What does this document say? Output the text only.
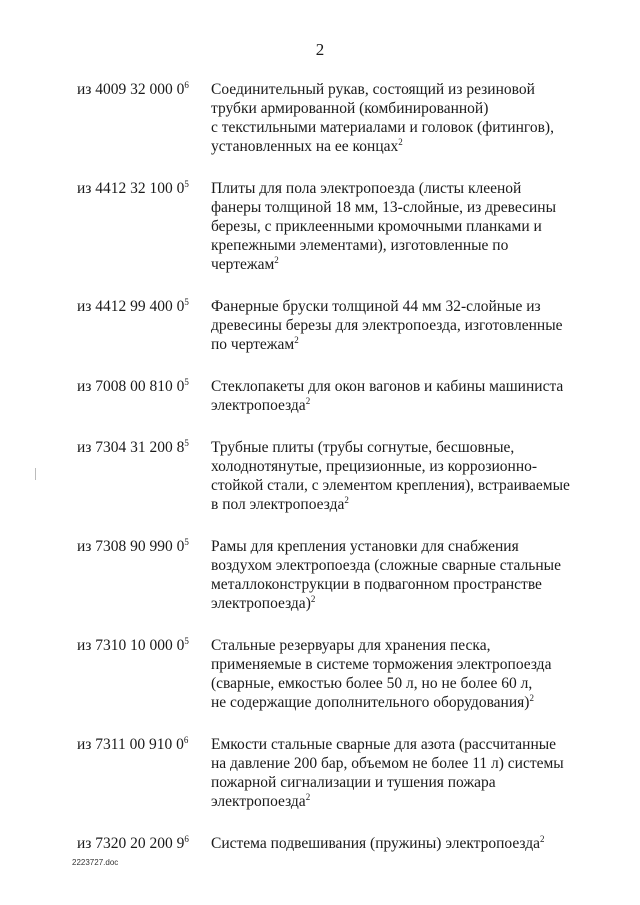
2
из 4009 32 000 $0^6$	Соединительный рукав, состоящий из резиновой
трубки армированной (комбинированной)
с текстильными материалами и головок (фитингов),
установленных на ее концах$^2$
из 4412 32 100 $0^5$	Плиты для пола электропоезда (листы клееной
фанеры толщиной 18 мм, 13-слойные, из древесины
березы, с приклеенными кромочными планками и
крепежными элементами), изготовленные по
чертежам$^2$
из 4412 99 400 $0^5$	Фанерные бруски толщиной 44 мм 32-слойные из
древесины березы для электропоезда, изготовленные
по чертежам$^2$
из 7008 00 810 $0^5$	Стеклопакеты для окон вагонов и кабины машиниста
электропоезда$^2$
из 7304 31 200 $8^5$	Трубные плиты (трубы согнутые, бесшовные,
холоднотянутые, прецизионные, из коррозионно-
стойкой стали, с элементом крепления), встраиваемые
в пол электропоезда$^2$
из 7308 90 990 $0^5$	Рамы для крепления установки для снабжения
воздухом электропоезда (сложные сварные стальные
металлоконструкции в подвагонном пространстве
электропоезда)$^2$
из 7310 10 000 $0^5$	Стальные резервуары для хранения песка,
применяемые в системе торможения электропоезда
(сварные, емкостью более 50 л, но не более 60 л,
не содержащие дополнительного оборудования)$^2$
из 7311 00 910 $0^6$	Емкости стальные сварные для азота (рассчитанные
на давление 200 бар, объемом не более 11 л) системы
пожарной сигнализации и тушения пожара
электропоезда$^2$
из 7320 20 200 $9^6$	Система подвешивания (пружины) электропоезда$^2$
2223727.doc
